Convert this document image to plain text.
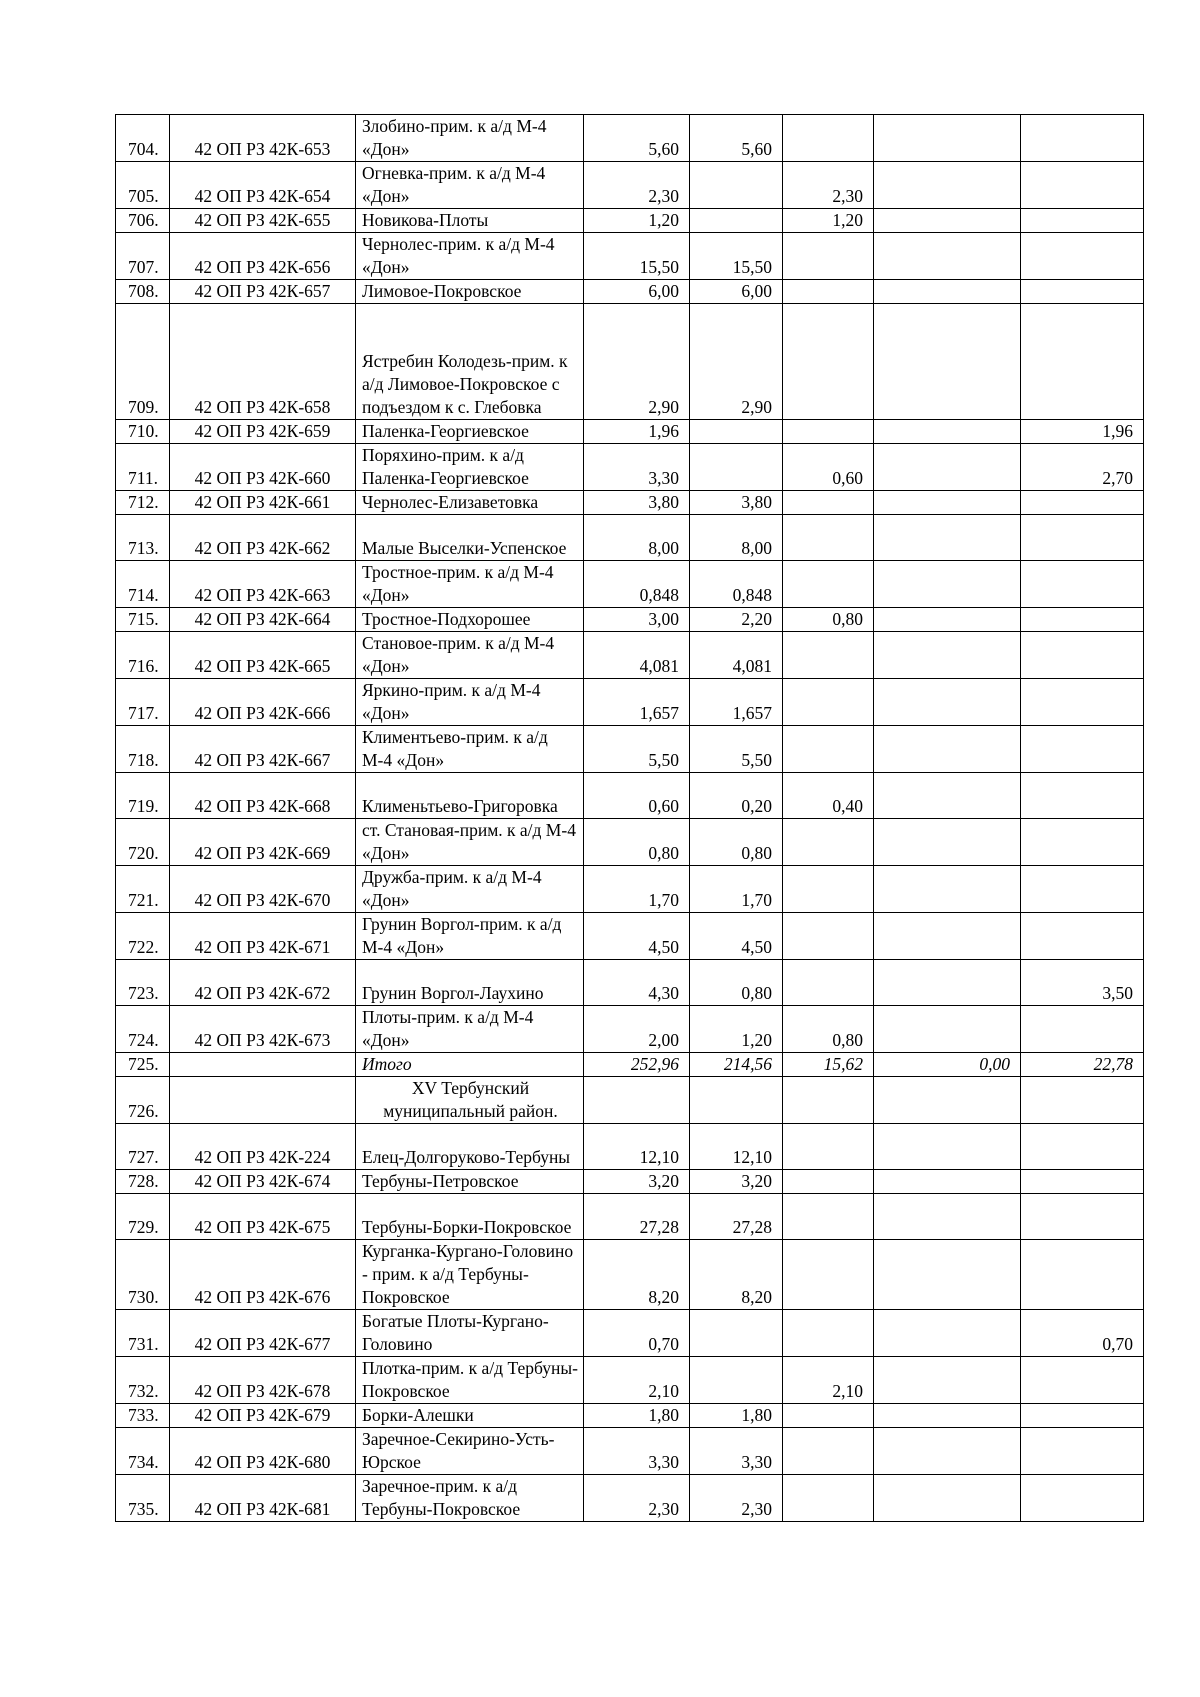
704.	42 ОП РЗ 42К-653	Злобино-прим. к а/д М-4 «Дон»	5,60	5,60			
705.	42 ОП РЗ 42К-654	Огневка-прим. к а/д М-4 «Дон»	2,30		2,30		
706.	42 ОП РЗ 42К-655	Новикова-Плоты	1,20		1,20		
707.	42 ОП РЗ 42К-656	Чернолес-прим. к а/д М-4 «Дон»	15,50	15,50			
708.	42 ОП РЗ 42К-657	Лимовое-Покровское	6,00	6,00			
709.	42 ОП РЗ 42К-658	Ястребин Колодезь-прим. к а/д Лимовое-Покровское с подъездом к с. Глебовка	2,90	2,90			
710.	42 ОП РЗ 42К-659	Паленка-Георгиевское	1,96				1,96
711.	42 ОП РЗ 42К-660	Поряхино-прим. к а/д Паленка-Георгиевское	3,30		0,60		2,70
712.	42 ОП РЗ 42К-661	Чернолес-Елизаветовка	3,80	3,80			
713.	42 ОП РЗ 42К-662	Малые Выселки-Успенское	8,00	8,00			
714.	42 ОП РЗ 42К-663	Тростное-прим. к а/д М-4 «Дон»	0,848	0,848			
715.	42 ОП РЗ 42К-664	Тростное-Подхорошее	3,00	2,20	0,80		
716.	42 ОП РЗ 42К-665	Становое-прим. к а/д М-4 «Дон»	4,081	4,081			
717.	42 ОП РЗ 42К-666	Яркино-прим. к а/д М-4 «Дон»	1,657	1,657			
718.	42 ОП РЗ 42К-667	Климентьево-прим. к а/д М-4 «Дон»	5,50	5,50			
719.	42 ОП РЗ 42К-668	Клименьтьево-Григоровка	0,60	0,20	0,40		
720.	42 ОП РЗ 42К-669	ст. Становая-прим. к а/д М-4 «Дон»	0,80	0,80			
721.	42 ОП РЗ 42К-670	Дружба-прим. к а/д М-4 «Дон»	1,70	1,70			
722.	42 ОП РЗ 42К-671	Грунин Воргол-прим. к а/д М-4 «Дон»	4,50	4,50			
723.	42 ОП РЗ 42К-672	Грунин Воргол-Лаухино	4,30	0,80			3,50
724.	42 ОП РЗ 42К-673	Плоты-прим. к а/д М-4 «Дон»	2,00	1,20	0,80		
725.		Итого	252,96	214,56	15,62	0,00	22,78
726.		XV Тербунский муниципальный район.					
727.	42 ОП РЗ 42К-224	Елец-Долгоруково-Тербуны	12,10	12,10			
728.	42 ОП РЗ 42К-674	Тербуны-Петровское	3,20	3,20			
729.	42 ОП РЗ 42К-675	Тербуны-Борки-Покровское	27,28	27,28			
730.	42 ОП РЗ 42К-676	Курганка-Кургано-Головино - прим. к а/д Тербуны-Покровское	8,20	8,20			
731.	42 ОП РЗ 42К-677	Богатые Плоты-Кургано-Головино	0,70				0,70
732.	42 ОП РЗ 42К-678	Плотка-прим. к а/д Тербуны-Покровское	2,10		2,10		
733.	42 ОП РЗ 42К-679	Борки-Алешки	1,80	1,80			
734.	42 ОП РЗ 42К-680	Заречное-Секирино-Усть-Юрское	3,30	3,30			
735.	42 ОП РЗ 42К-681	Заречное-прим. к а/д Тербуны-Покровское	2,30	2,30			
